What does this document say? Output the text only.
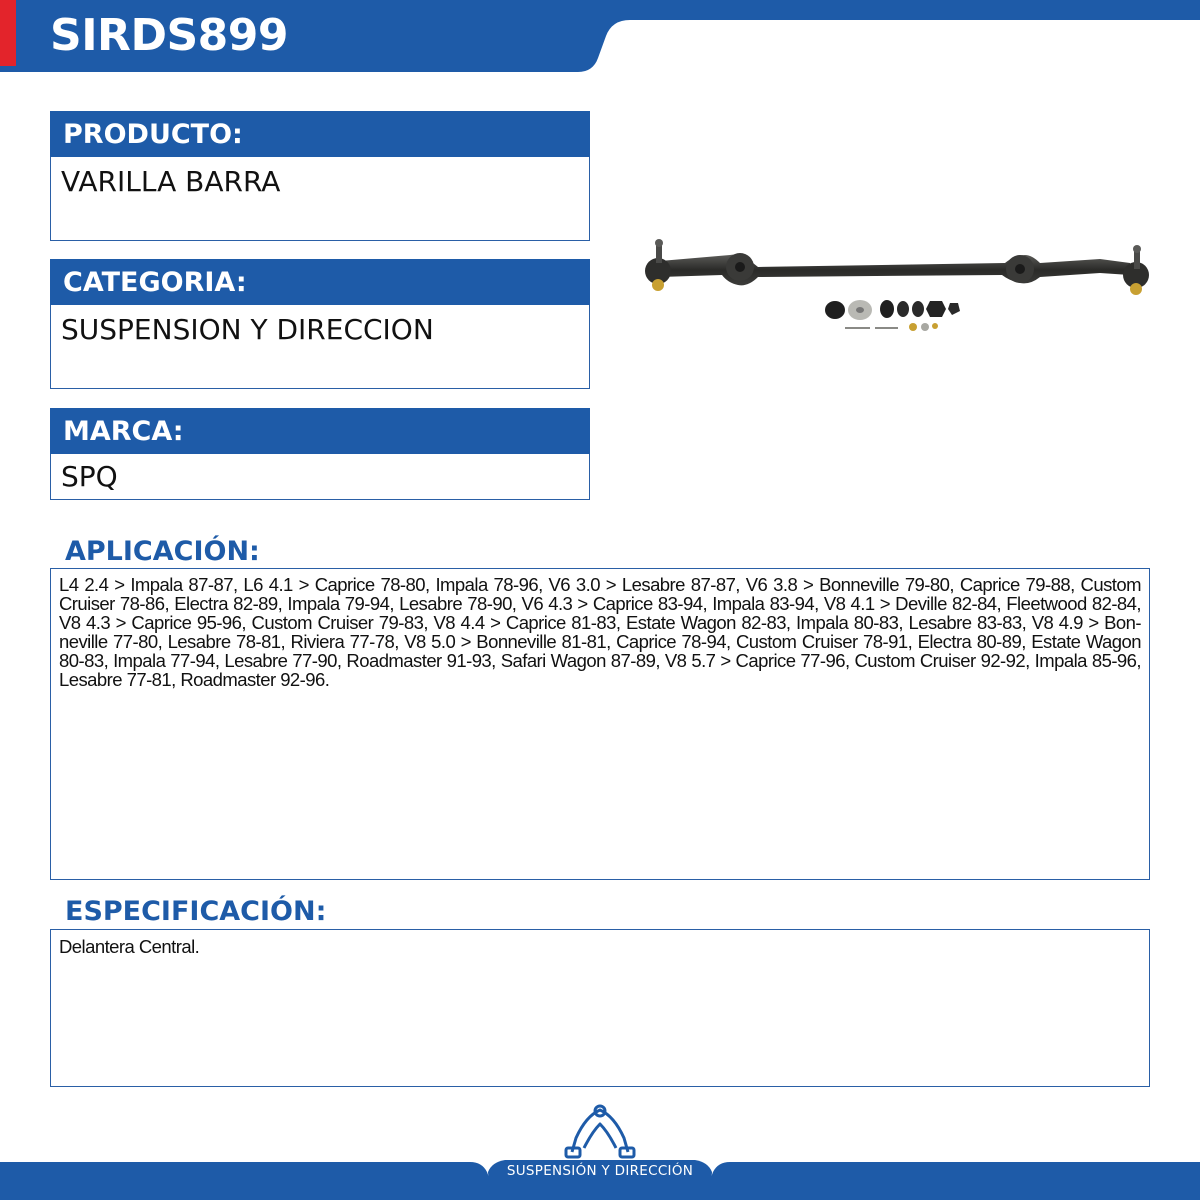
SIRDS899
PRODUCTO:
VARILLA BARRA
CATEGORIA:
SUSPENSION Y DIRECCION
MARCA:
SPQ
APLICACIÓN:
L4 2.4 > Impala 87-87, L6 4.1 > Caprice 78-80, Impala 78-96, V6 3.0 > Lesabre 87-87, V6 3.8 > Bonneville 79-80, Caprice 79-88, Custom Cruiser 78-86, Electra 82-89, Impala 79-94, Lesabre 78-90, V6 4.3 > Caprice 83-94, Impala 83-94, V8 4.1 > Deville 82-84, Fleetwood 82-84, V8 4.3 > Caprice 95-96, Custom Cruiser 79-83, V8 4.4 > Caprice 81-83, Estate Wagon 82-83, Impala 80-83, Lesabre 83-83, V8 4.9 > Bon-neville 77-80, Lesabre 78-81, Riviera 77-78, V8 5.0 > Bonneville 81-81, Caprice 78-94, Custom Cruiser 78-91, Electra 80-89, Estate Wagon 80-83, Impala 77-94, Lesabre 77-90, Roadmaster 91-93, Safari Wagon 87-89, V8 5.7 > Caprice 77-96, Custom Cruiser 92-92, Impala 85-96, Lesabre 77-81, Roadmaster 92-96.
ESPECIFICACIÓN:
Delantera Central.
SUSPENSIÓN Y DIRECCIÓN
